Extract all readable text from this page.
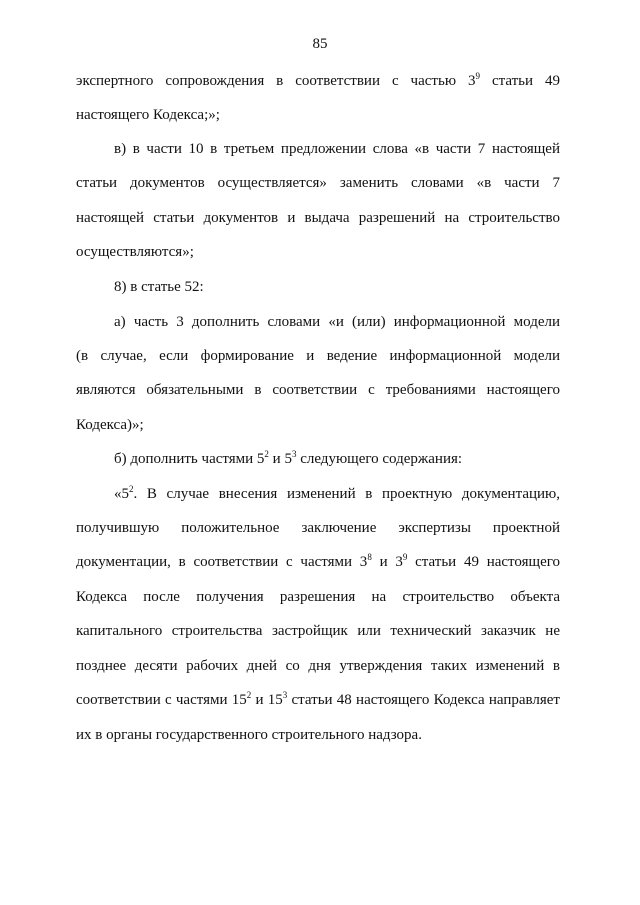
85
экспертного сопровождения в соответствии с частью $3^9$ статьи 49
настоящего Кодекса;»;
в) в части 10 в третьем предложении слова «в части 7 настоящей
статьи документов осуществляется» заменить словами «в части 7
настоящей статьи документов и выдача разрешений на строительство
осуществляются»;
8) в статье 52:
а) часть 3 дополнить словами «и (или) информационной модели
(в случае, если формирование и ведение информационной модели
являются обязательными в соответствии с требованиями настоящего
Кодекса)»;
б) дополнить частями $5^2$ и $5^3$ следующего содержания:
«$5^2$. В случае внесения изменений в проектную документацию,
получившую положительное заключение экспертизы проектной
документации, в соответствии с частями $3^8$ и $3^9$ статьи 49 настоящего
Кодекса после получения разрешения на строительство объекта
капитального строительства застройщик или технический заказчик не
позднее десяти рабочих дней со дня утверждения таких изменений в
соответствии с частями $15^2$ и $15^3$ статьи 48 настоящего Кодекса направляет
их в органы государственного строительного надзора.
